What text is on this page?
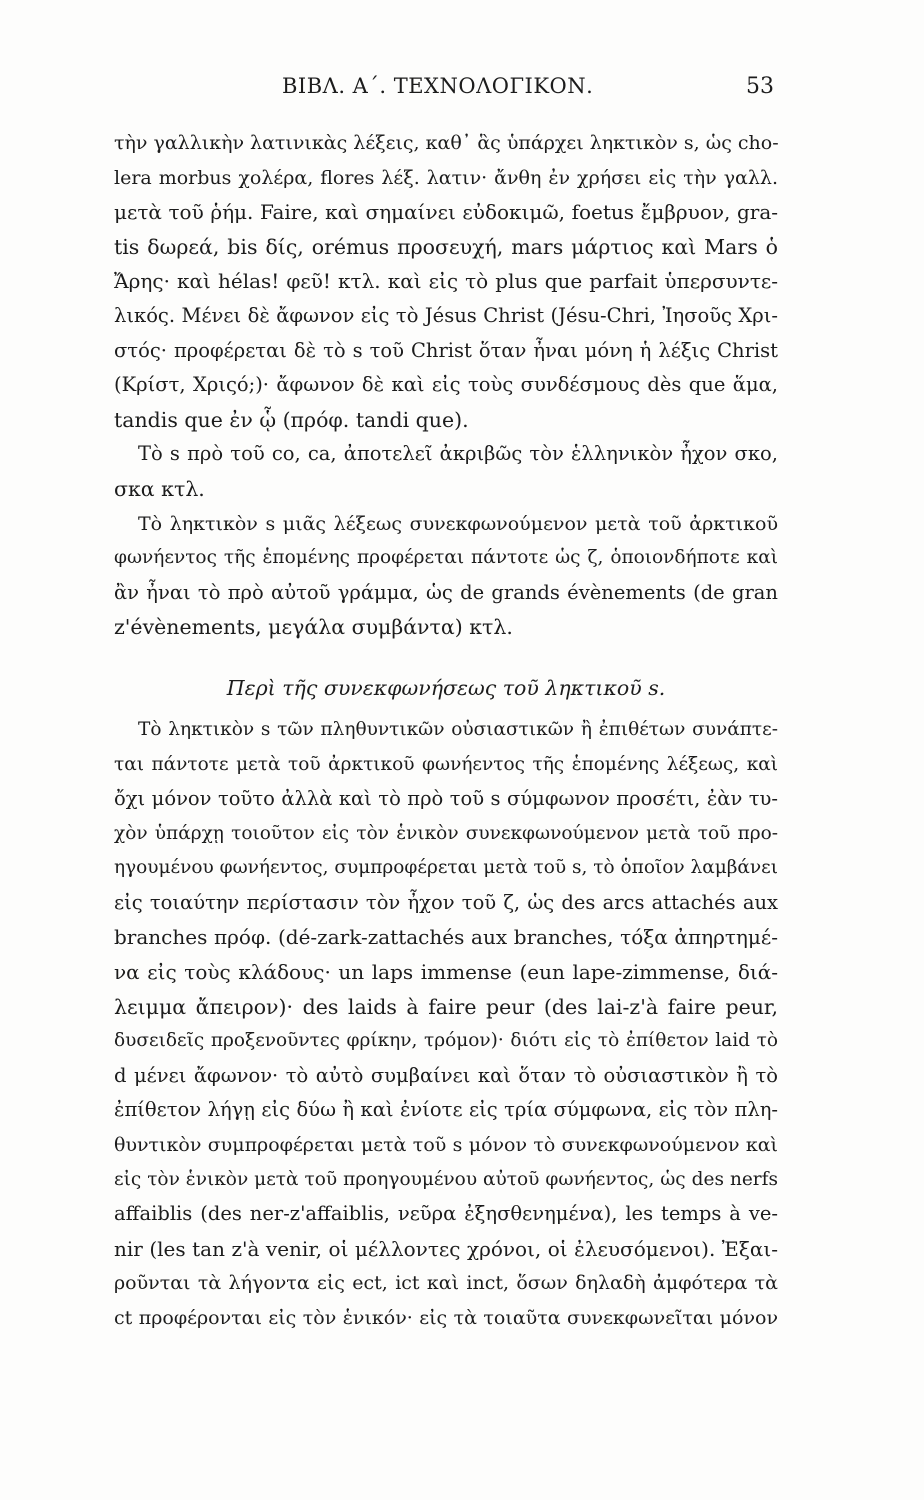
ΒΙΒΛ. Α΄. ΤΕΧΝΟΛΟΓΙΚΟΝ.	53
τὴν γαλλικὴν λατινικὰς λέξεις, καθ᾽ ἃς ὑπάρχει ληκτικὸν s, ὡς cho-
lera morbus χολέρα, flores λέξ. λατιν· ἄνθη ἐν χρήσει εἰς τὴν γαλλ.
μετὰ τοῦ ῥήμ. Faire, καὶ σημαίνει εὐδοκιμῶ, foetus ἔμβρυον, gra-
tis δωρεά, bis δίς, orémus προσευχή, mars μάρτιος καὶ Mars ὁ
Ἄρης· καὶ hélas! φεῦ! κτλ. καὶ εἰς τὸ plus que parfait ὑπερσυντε-
λικός. Μένει δὲ ἄφωνον εἰς τὸ Jésus Christ (Jésu-Chri, Ἰησοῦς Χρι-
στός· προφέρεται δὲ τὸ s τοῦ Christ ὅταν ἦναι μόνη ἡ λέξις Christ
(Κρίστ, Χριςό;)· ἄφωνον δὲ καὶ εἰς τοὺς συνδέσμους dès que ἅμα,
tandis que ἐν ᾧ (πρόφ. tandi que).
Τὸ s πρὸ τοῦ co, ca, ἀποτελεῖ ἀκριβῶς τὸν ἑλληνικὸν ἦχον σκο,
σκα κτλ.
Τὸ ληκτικὸν s μιᾶς λέξεως συνεκφωνούμενον μετὰ τοῦ ἀρκτικοῦ
φωνήεντος τῆς ἑπομένης προφέρεται πάντοτε ὡς ζ, ὁποιονδήποτε καὶ
ἂν ἦναι τὸ πρὸ αὐτοῦ γράμμα, ὡς de grands évènements (de gran
z'évènements, μεγάλα συμβάντα) κτλ.
Περὶ τῆς συνεκφωνήσεως τοῦ ληκτικοῦ s.
Τὸ ληκτικὸν s τῶν πληθυντικῶν οὐσιαστικῶν ἢ ἐπιθέτων συνάπτε-
ται πάντοτε μετὰ τοῦ ἀρκτικοῦ φωνήεντος τῆς ἑπομένης λέξεως, καὶ
ὄχι μόνον τοῦτο ἀλλὰ καὶ τὸ πρὸ τοῦ s σύμφωνον προσέτι, ἐὰν τυ-
χὸν ὑπάρχῃ τοιοῦτον εἰς τὸν ἑνικὸν συνεκφωνούμενον μετὰ τοῦ προ-
ηγουμένου φωνήεντος, συμπροφέρεται μετὰ τοῦ s, τὸ ὁποῖον λαμβάνει
εἰς τοιαύτην περίστασιν τὸν ἦχον τοῦ ζ, ὡς des arcs attachés aux
branches πρόφ. (dé-zark-zattachés aux branches, τόξα ἀπηρτημέ-
να εἰς τοὺς κλάδους· un laps immense (eun lape-zimmense, διά-
λειμμα ἄπειρον)· des laids à faire peur (des lai-z'à faire peur,
δυσειδεῖς προξενοῦντες φρίκην, τρόμον)· διότι εἰς τὸ ἐπίθετον laid τὸ
d μένει ἄφωνον· τὸ αὐτὸ συμβαίνει καὶ ὅταν τὸ οὐσιαστικὸν ἢ τὸ
ἐπίθετον λήγῃ εἰς δύω ἢ καὶ ἐνίοτε εἰς τρία σύμφωνα, εἰς τὸν πλη-
θυντικὸν συμπροφέρεται μετὰ τοῦ s μόνον τὸ συνεκφωνούμενον καὶ
εἰς τὸν ἑνικὸν μετὰ τοῦ προηγουμένου αὐτοῦ φωνήεντος, ὡς des nerfs
affaiblis (des ner-z'affaiblis, νεῦρα ἐξησθενημένα), les temps à ve-
nir (les tan z'à venir, οἱ μέλλοντες χρόνοι, οἱ ἐλευσόμενοι). Ἐξαι-
ροῦνται τὰ λήγοντα εἰς ect, ict καὶ inct, ὅσων δηλαδὴ ἀμφότερα τὰ
ct προφέρονται εἰς τὸν ἑνικόν· εἰς τὰ τοιαῦτα συνεκφωνεῖται μόνον
